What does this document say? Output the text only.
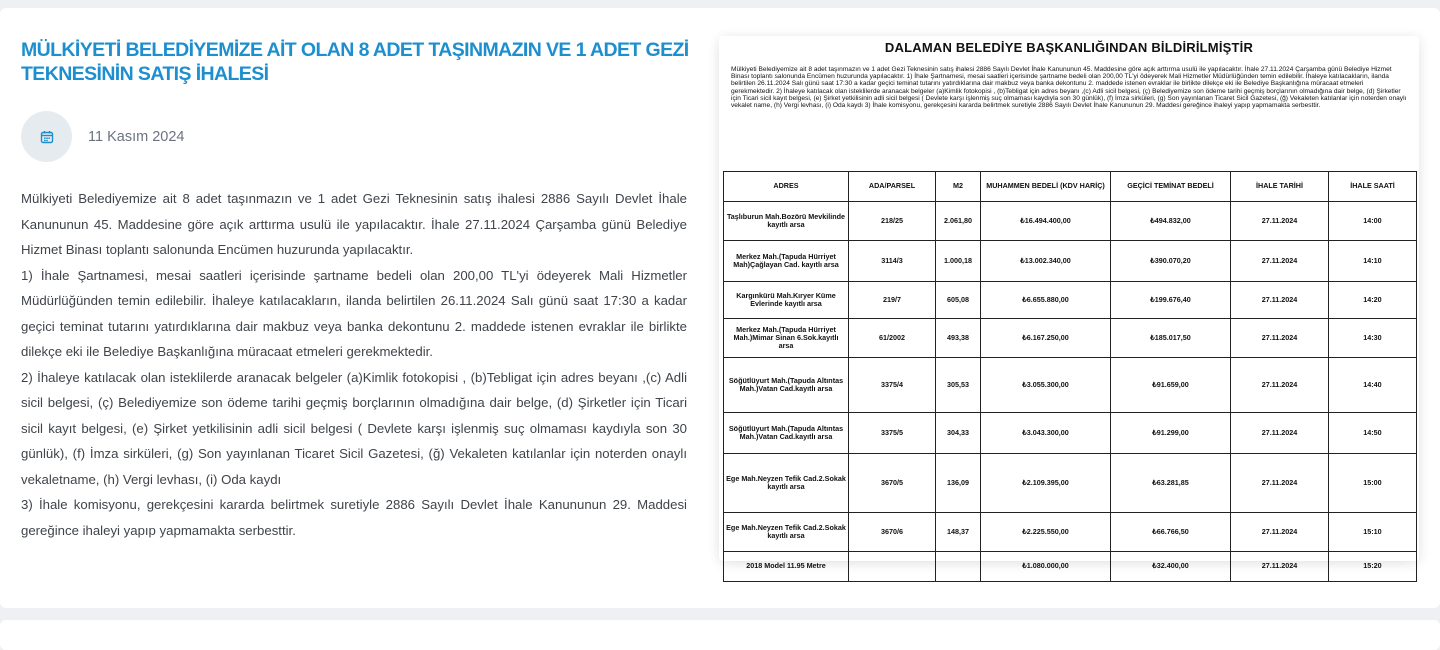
MÜLKİYETİ BELEDİYEMİZE AİT OLAN 8 ADET TAŞINMAZIN VE 1 ADET GEZİ TEKNESİNİN SATIŞ İHALESİ
11 Kasım 2024

Mülkiyeti Belediyemize ait 8 adet taşınmazın ve 1 adet Gezi Teknesinin satış ihalesi 2886 Sayılı Devlet İhale Kanununun 45. Maddesine göre açık arttırma usulü ile yapılacaktır. İhale 27.11.2024 Çarşamba günü Belediye Hizmet Binası toplantı salonunda Encümen huzurunda yapılacaktır.

1) İhale Şartnamesi, mesai saatleri içerisinde şartname bedeli olan 200,00 TL'yi ödeyerek Mali Hizmetler Müdürlüğünden temin edilebilir. İhaleye katılacakların, ilanda belirtilen 26.11.2024 Salı günü saat 17:30 a kadar geçici teminat tutarını yatırdıklarına dair makbuz veya banka dekontunu 2. maddede istenen evraklar ile birlikte dilekçe eki ile Belediye Başkanlığına müracaat etmeleri gerekmektedir.

2) İhaleye katılacak olan isteklilerde aranacak belgeler (a)Kimlik fotokopisi , (b)Tebligat için adres beyanı ,(c) Adli sicil belgesi, (ç) Belediyemize son ödeme tarihi geçmiş borçlarının olmadığına dair belge, (d) Şirketler için Ticari sicil kayıt belgesi, (e) Şirket yetkilisinin adli sicil belgesi ( Devlete karşı işlenmiş suç olmaması kaydıyla son 30 günlük), (f) İmza sirküleri, (g) Son yayınlanan Ticaret Sicil Gazetesi, (ğ) Vekaleten katılanlar için noterden onaylı vekaletname, (h) Vergi levhası, (i) Oda kaydı

3) İhale komisyonu, gerekçesini kararda belirtmek suretiyle 2886 Sayılı Devlet İhale Kanununun 29. Maddesi gereğince ihaleyi yapıp yapmamakta serbesttir.

DALAMAN BELEDİYE BAŞKANLIĞINDAN BİLDİRİLMİŞTİR
Mülkiyeti Belediyemize ait 8 adet taşınmazın ve 1 adet Gezi Teknesinin satış ihalesi 2886 Sayılı Devlet İhale Kanununun 45. Maddesine göre açık arttırma usulü ile yapılacaktır. İhale 27.11.2024 Çarşamba günü Belediye Hizmet Binası toplantı salonunda Encümen huzurunda yapılacaktır. 1) İhale Şartnamesi, mesai saatleri içerisinde şartname bedeli olan 200,00 TL'yi ödeyerek Mali Hizmetler Müdürlüğünden temin edilebilir. İhaleye katılacakların, ilanda belirtilen 26.11.2024 Salı günü saat 17:30 a kadar geçici teminat tutarını yatırdıklarına dair makbuz veya banka dekontunu 2. maddede istenen evraklar ile birlikte dilekçe eki ile Belediye Başkanlığına müracaat etmeleri gerekmektedir. 2) İhaleye katılacak olan isteklilerde aranacak belgeler (a)Kimlik fotokopisi , (b)Tebligat için adres beyanı ,(c) Adli sicil belgesi, (ç) Belediyemize son ödeme tarihi geçmiş borçlarının olmadığına dair belge, (d) Şirketler için Ticari sicil kayıt belgesi, (e) Şirket yetkilisinin adli sicil belgesi ( Devlete karşı işlenmiş suç olmaması kaydıyla son 30 günlük), (f) İmza sirküleri, (g) Son yayınlanan Ticaret Sicil Gazetesi, (ğ) Vekaleten katılanlar için noterden onaylı vekalet name, (h) Vergi levhası, (i) Oda kaydı 3) İhale komisyonu, gerekçesini kararda belirtmek suretiyle 2886 Sayılı Devlet İhale Kanununun 29. Maddesi gereğince ihaleyi yapıp yapmamakta serbesttir.
ADRES	ADA/PARSEL	M2	MUHAMMEN BEDELİ (KDV HARİÇ)	GEÇİCİ TEMİNAT BEDELİ	İHALE TARİHİ	İHALE SAATİ
Taşlıburun Mah.Bozörü Mevkilinde kayıtlı arsa	218/25	2.061,80	₺16.494.400,00	₺494.832,00	27.11.2024	14:00
Merkez Mah.(Tapuda Hürriyet Mah)Çağlayan Cad. kayıtlı arsa	3114/3	1.000,18	₺13.002.340,00	₺390.070,20	27.11.2024	14:10
Kargınkürü Mah.Kıryer Küme Evlerinde kayıtlı arsa	219/7	605,08	₺6.655.880,00	₺199.676,40	27.11.2024	14:20
Merkez Mah.(Tapuda Hürriyet Mah.)Mimar Sinan 6.Sok.kayıtlı arsa	61/2002	493,38	₺6.167.250,00	₺185.017,50	27.11.2024	14:30
Söğütlüyurt Mah.(Tapuda Altıntas Mah.)Vatan Cad.kayıtlı arsa	3375/4	305,53	₺3.055.300,00	₺91.659,00	27.11.2024	14:40
Söğütlüyurt Mah.(Tapuda Altıntas Mah.)Vatan Cad.kayıtlı arsa	3375/5	304,33	₺3.043.300,00	₺91.299,00	27.11.2024	14:50
Ege Mah.Neyzen Tefik Cad.2.Sokak kayıtlı arsa	3670/5	136,09	₺2.109.395,00	₺63.281,85	27.11.2024	15:00
Ege Mah.Neyzen Tefik Cad.2.Sokak kayıtlı arsa	3670/6	148,37	₺2.225.550,00	₺66.766,50	27.11.2024	15:10
2018 Model 11.95 Metre			₺1.080.000,00	₺32.400,00	27.11.2024	15:20
